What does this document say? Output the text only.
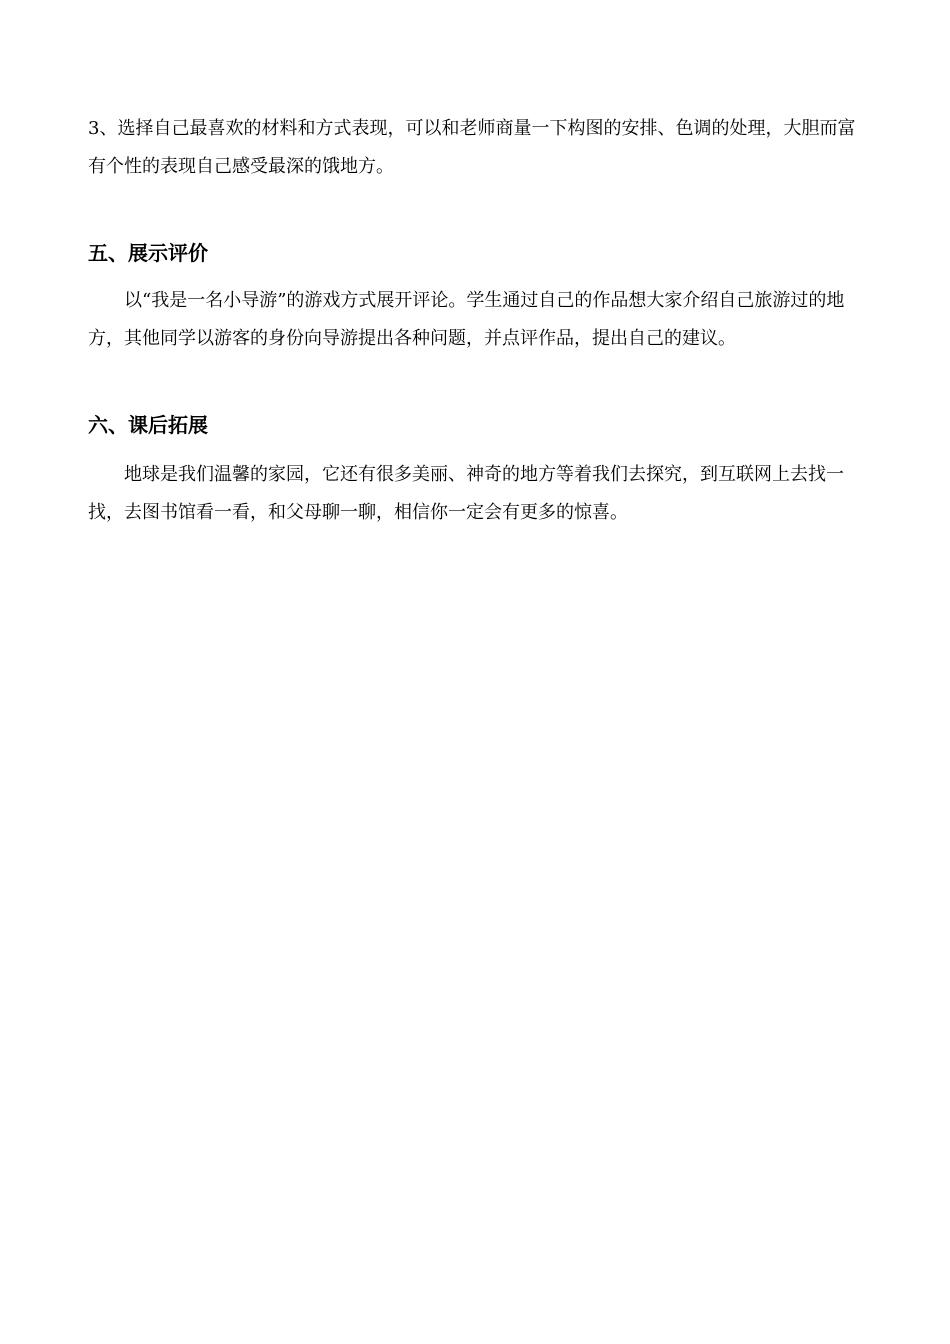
3、选择自己最喜欢的材料和方式表现，可以和老师商量一下构图的安排、色调的处理，大胆而富有个性的表现自己感受最深的饿地方。

五、展示评价

以“我是一名小导游”的游戏方式展开评论。学生通过自己的作品想大家介绍自己旅游过的地方，其他同学以游客的身份向导游提出各种问题，并点评作品，提出自己的建议。

六、课后拓展

地球是我们温馨的家园，它还有很多美丽、神奇的地方等着我们去探究，到互联网上去找一找，去图书馆看一看，和父母聊一聊，相信你一定会有更多的惊喜。
